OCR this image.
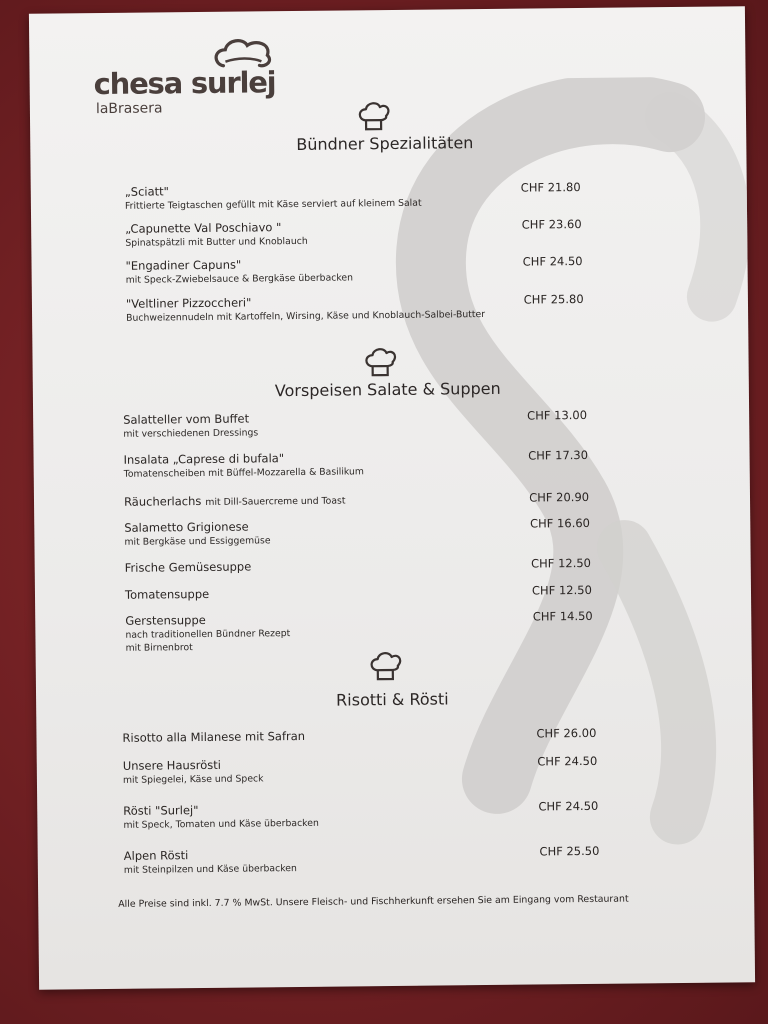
chesa surlej
laBrasera
Bündner Spezialitäten
„Sciatt"
Frittierte Teigtaschen gefüllt mit Käse serviert auf kleinem Salat
CHF 21.80
„Capunette Val Poschiavo "
Spinatspätzli mit Butter und Knoblauch
CHF 23.60
"Engadiner Capuns"
mit Speck-Zwiebelsauce & Bergkäse überbacken
CHF 24.50
"Veltliner Pizzoccheri"
Buchweizennudeln mit Kartoffeln, Wirsing, Käse und Knoblauch-Salbei-Butter
CHF 25.80
Vorspeisen Salate & Suppen
Salatteller vom Buffet
mit verschiedenen Dressings
CHF 13.00
Insalata „Caprese di bufala"
Tomatenscheiben mit Büffel-Mozzarella & Basilikum
CHF 17.30
Räucherlachs mit Dill-Sauercreme und Toast	CHF 20.90
Salametto Grigionese
mit Bergkäse und Essiggemüse
CHF 16.60
Frische Gemüsesuppe	CHF 12.50
Tomatensuppe	CHF 12.50
Gerstensuppe
nach traditionellen Bündner Rezept
mit Birnenbrot
CHF 14.50
Risotti & Rösti
Risotto alla Milanese mit Safran	CHF 26.00
Unsere Hausrösti
mit Spiegelei, Käse und Speck
CHF 24.50
Rösti "Surlej"
mit Speck, Tomaten und Käse überbacken
CHF 24.50
Alpen Rösti
mit Steinpilzen und Käse überbacken
CHF 25.50
Alle Preise sind inkl. 7.7 % MwSt. Unsere Fleisch- und Fischherkunft ersehen Sie am Eingang vom Restaurant
